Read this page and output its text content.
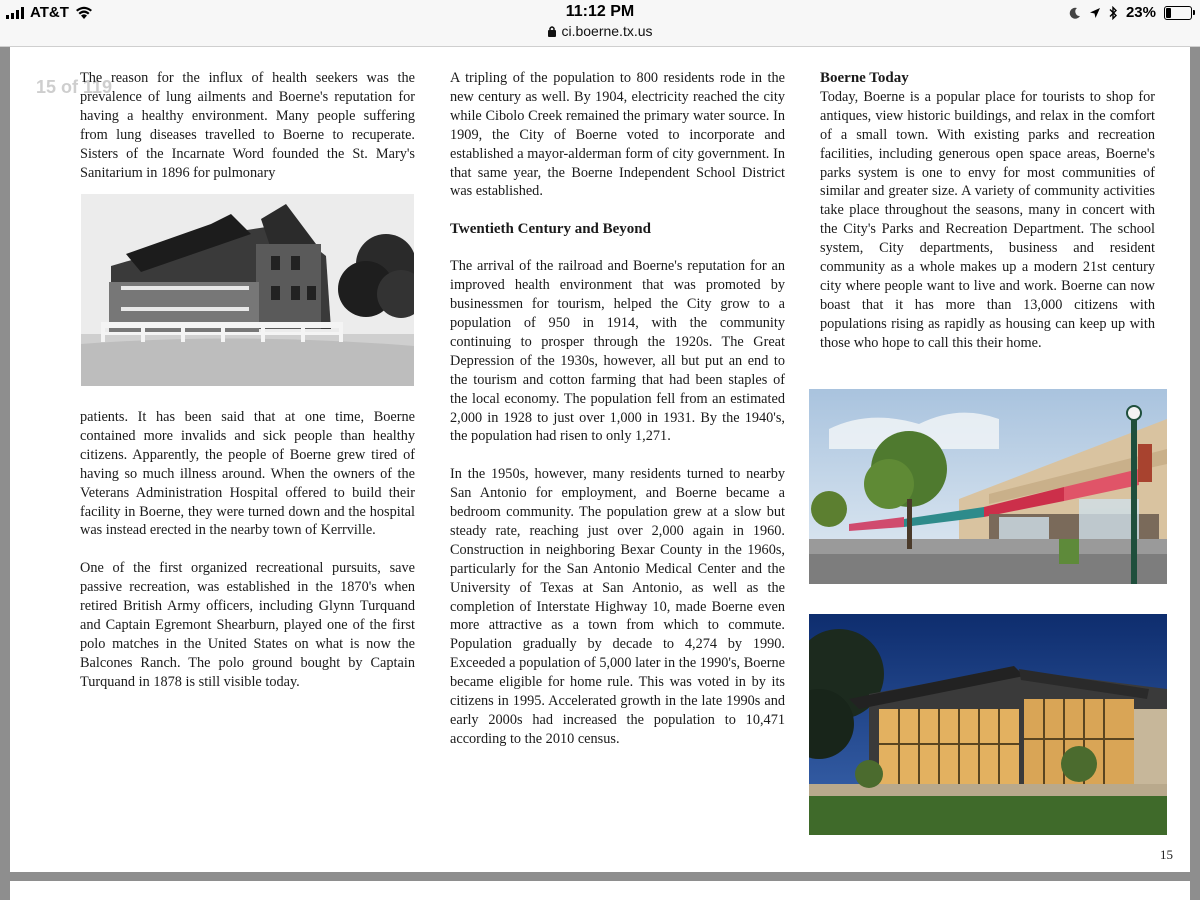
AT&T	11:12 PM
ci.boerne.tx.us
23%
15 of 119

The reason for the influx of health seekers was the prevalence of lung ailments and Boerne's reputation for having a healthy environment. Many people suffering from lung diseases travelled to Boerne to recuperate. Sisters of the Incarnate Word founded the St. Mary's Sanitarium in 1896 for pulmonary

patients. It has been said that at one time, Boerne contained more invalids and sick people than healthy citizens. Apparently, the people of Boerne grew tired of having so much illness around. When the owners of the Veterans Administration Hospital offered to build their facility in Boerne, they were turned down and the hospital was instead erected in the nearby town of Kerrville.

One of the first organized recreational pursuits, save passive recreation, was established in the 1870's when retired British Army officers, including Glynn Turquand and Captain Egremont Shearburn, played one of the first polo matches in the United States on what is now the Balcones Ranch. The polo ground bought by Captain Turquand in 1878 is still visible today.

A tripling of the population to 800 residents rode in the new century as well. By 1904, electricity reached the city while Cibolo Creek remained the primary water source. In 1909, the City of Boerne voted to incorporate and established a mayor-alderman form of city government. In that same year, the Boerne Independent School District was established.

Twentieth Century and Beyond

The arrival of the railroad and Boerne's reputation for an improved health environment that was promoted by businessmen for tourism, helped the City grow to a population of 950 in 1914, with the community continuing to prosper through the 1920s. The Great Depression of the 1930s, however, all but put an end to the tourism and cotton farming that had been staples of the local economy. The population fell from an estimated 2,000 in 1928 to just over 1,000 in 1931. By the 1940's, the population had risen to only 1,271.

In the 1950s, however, many residents turned to nearby San Antonio for employment, and Boerne became a bedroom community. The population grew at a slow but steady rate, reaching just over 2,000 again in 1960. Construction in neighboring Bexar County in the 1960s, particularly for the San Antonio Medical Center and the University of Texas at San Antonio, as well as the completion of Interstate Highway 10, made Boerne even more attractive as a town from which to commute. Population gradually by decade to 4,274 by 1990. Exceeded a population of 5,000 later in the 1990's, Boerne became eligible for home rule. This was voted in by its citizens in 1995. Accelerated growth in the late 1990s and early 2000s had increased the population to 10,471 according to the 2010 census.

Boerne Today

Today, Boerne is a popular place for tourists to shop for antiques, view historic buildings, and relax in the comfort of a small town. With existing parks and recreation facilities, including generous open space areas, Boerne's parks system is one to envy for most communities of similar and greater size. A variety of community activities take place throughout the seasons, many in concert with the City's Parks and Recreation Department. The school system, City departments, business and resident community as a whole makes up a modern 21st century city where people want to live and work. Boerne can now boast that it has more than 13,000 citizens with populations rising as rapidly as housing can keep up with those who hope to call this their home.

15
